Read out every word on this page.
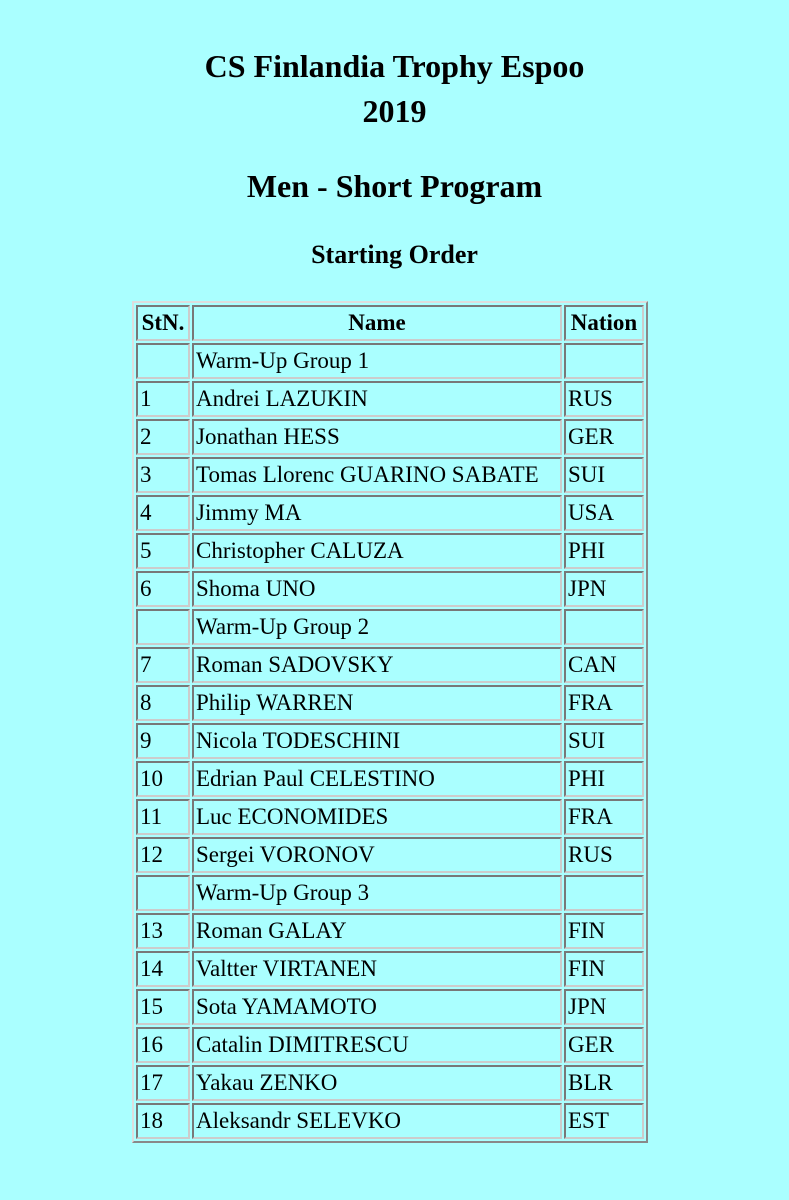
CS Finlandia Trophy Espoo
2019
Men - Short Program
Starting Order
StN.	Name	Nation
	Warm-Up Group 1	
1	Andrei LAZUKIN	RUS
2	Jonathan HESS	GER
3	Tomas Llorenc GUARINO SABATE	SUI
4	Jimmy MA	USA
5	Christopher CALUZA	PHI
6	Shoma UNO	JPN
	Warm-Up Group 2	
7	Roman SADOVSKY	CAN
8	Philip WARREN	FRA
9	Nicola TODESCHINI	SUI
10	Edrian Paul CELESTINO	PHI
11	Luc ECONOMIDES	FRA
12	Sergei VORONOV	RUS
	Warm-Up Group 3	
13	Roman GALAY	FIN
14	Valtter VIRTANEN	FIN
15	Sota YAMAMOTO	JPN
16	Catalin DIMITRESCU	GER
17	Yakau ZENKO	BLR
18	Aleksandr SELEVKO	EST
